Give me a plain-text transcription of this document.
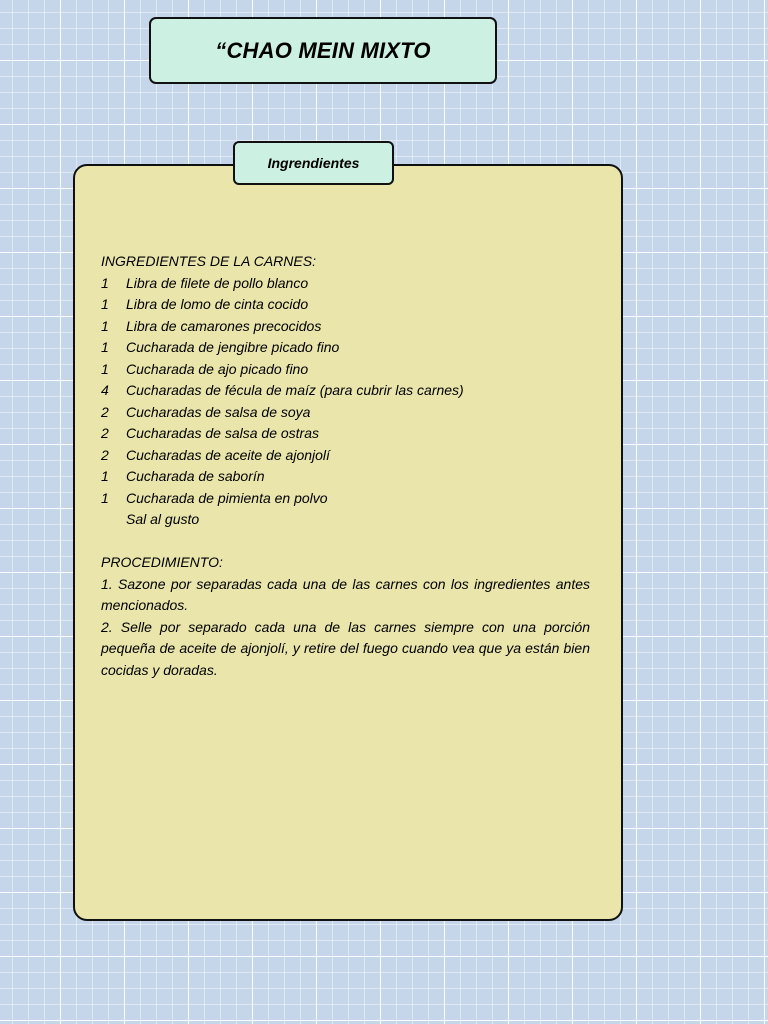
“CHAO MEIN MIXTO
Ingrendientes

INGREDIENTES DE LA CARNES:

1	Libra de filete de pollo blanco
1	Libra de lomo de cinta cocido
1	Libra de camarones precocidos
1	Cucharada de jengibre picado fino
1	Cucharada de ajo picado fino
4	Cucharadas de fécula de maíz (para cubrir las carnes)
2	Cucharadas de salsa de soya
2	Cucharadas de salsa de ostras
2	Cucharadas de aceite de ajonjolí
1	Cucharada de saborín
1	Cucharada de pimienta en polvo
Sal al gusto

PROCEDIMIENTO:

1. Sazone por separadas cada una de las carnes con los ingredientes antes mencionados.

2. Selle por separado cada una de las carnes siempre con una porción pequeña de aceite de ajonjolí, y retire del fuego cuando vea que ya están bien cocidas y doradas.
